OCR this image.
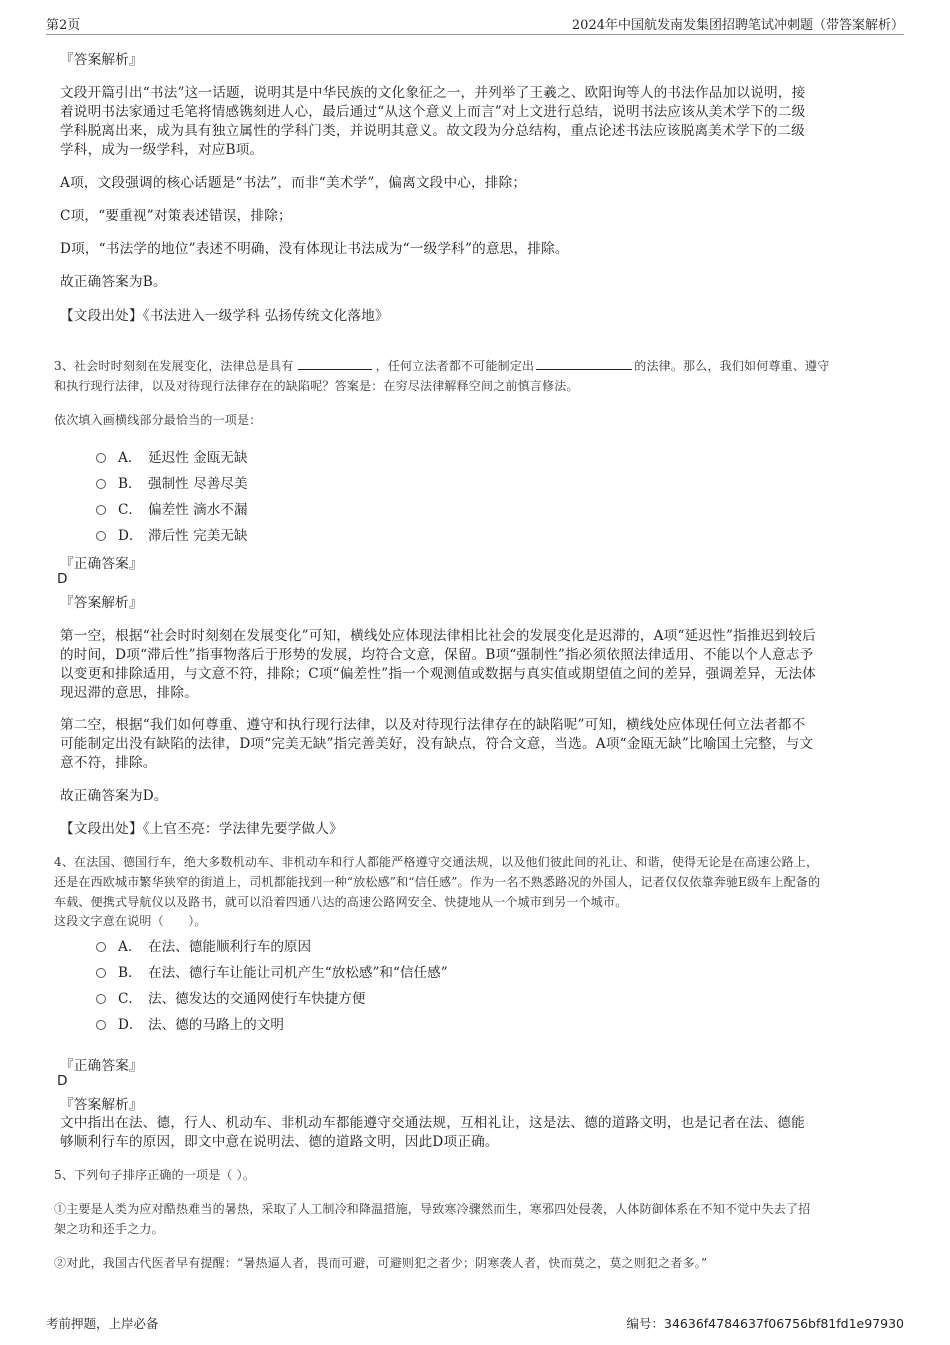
第2页	2024年中国航发南发集团招聘笔试冲刺题（带答案解析）
『答案解析』
文段开篇引出“书法”这一话题，说明其是中华民族的文化象征之一，并列举了王羲之、欧阳询等人的书法作品加以说明，接
着说明书法家通过毛笔将情感镌刻进人心，最后通过“从这个意义上而言”对上文进行总结，说明书法应该从美术学下的二级
学科脱离出来，成为具有独立属性的学科门类，并说明其意义。故文段为分总结构，重点论述书法应该脱离美术学下的二级
学科，成为一级学科，对应B项。
A项，文段强调的核心话题是“书法”，而非“美术学”，偏离文段中心，排除；
C项，“要重视”对策表述错误，排除；
D项，“书法学的地位”表述不明确，没有体现让书法成为“一级学科”的意思，排除。
故正确答案为B。
【文段出处】《书法进入一级学科 弘扬传统文化落地》
3、社会时时刻刻在发展变化，法律总是具有	，任何立法者都不可能制定出	的法律。那么，我们如何尊重、遵守
和执行现行法律，以及对待现行法律存在的缺陷呢？答案是：在穷尽法律解释空间之前慎言修法。
依次填入画横线部分最恰当的一项是：
A． 延迟性 金瓯无缺
B． 强制性 尽善尽美
C． 偏差性 滴水不漏
D． 滞后性 完美无缺
『正确答案』
D
『答案解析』
第一空，根据“社会时时刻刻在发展变化”可知，横线处应体现法律相比社会的发展变化是迟滞的，A项“延迟性”指推迟到较后
的时间，D项“滞后性”指事物落后于形势的发展，均符合文意，保留。B项“强制性”指必须依照法律适用、不能以个人意志予
以变更和排除适用，与文意不符，排除；C项“偏差性”指一个观测值或数据与真实值或期望值之间的差异，强调差异，无法体
现迟滞的意思，排除。
第二空，根据“我们如何尊重、遵守和执行现行法律，以及对待现行法律存在的缺陷呢”可知，横线处应体现任何立法者都不
可能制定出没有缺陷的法律，D项“完美无缺”指完善美好，没有缺点，符合文意，当选。A项“金瓯无缺”比喻国土完整，与文
意不符，排除。
故正确答案为D。
【文段出处】《上官丕亮：学法律先要学做人》
4、在法国、德国行车，绝大多数机动车、非机动车和行人都能严格遵守交通法规，以及他们彼此间的礼让、和谐，使得无论是在高速公路上，
还是在西欧城市繁华狭窄的街道上，司机都能找到一种“放松感”和“信任感”。作为一名不熟悉路况的外国人，记者仅仅依靠奔驰E级车上配备的
车载、便携式导航仪以及路书，就可以沿着四通八达的高速公路网安全、快捷地从一个城市到另一个城市。
这段文字意在说明（　　）。
A． 在法、德能顺利行车的原因
B． 在法、德行车让能让司机产生“放松感”和“信任感”
C． 法、德发达的交通网使行车快捷方便
D． 法、德的马路上的文明
『正确答案』
D
『答案解析』
文中指出在法、德，行人、机动车、非机动车都能遵守交通法规，互相礼让，这是法、德的道路文明，也是记者在法、德能
够顺利行车的原因，即文中意在说明法、德的道路文明，因此D项正确。
5、下列句子排序正确的一项是（ ）。
①主要是人类为应对酷热难当的暑热，采取了人工制冷和降温措施，导致寒冷骤然而生，寒邪四处侵袭，人体防御体系在不知不觉中失去了招
架之功和还手之力。
②对此，我国古代医者早有提醒：“暑热逼人者，畏而可避，可避则犯之者少；阴寒袭人者，快而莫之，莫之则犯之者多。”
考前押题，上岸必备	编号：34636f4784637f06756bf81fd1e97930
